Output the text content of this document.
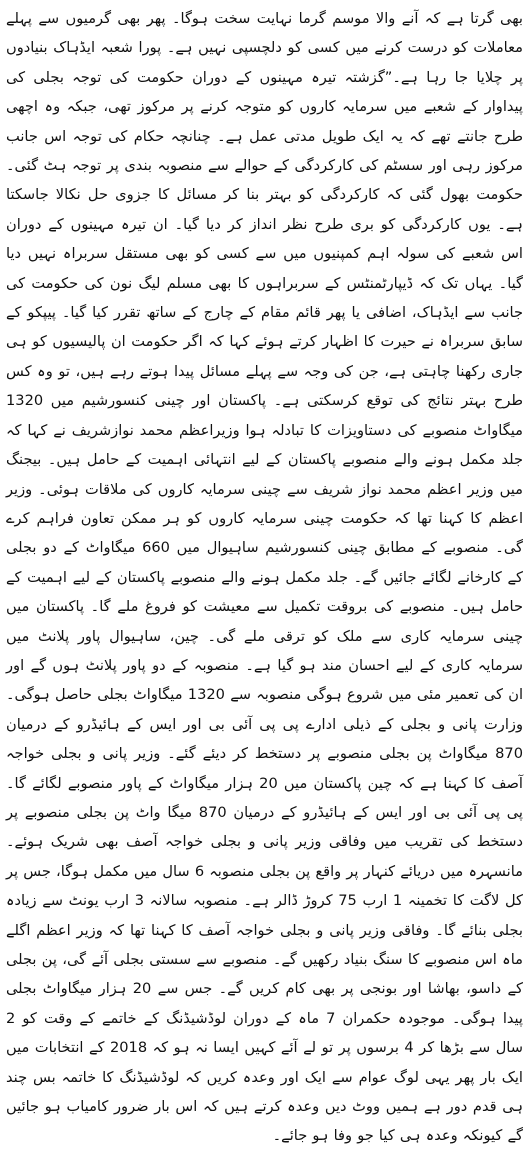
بھی گرتا ہے کہ آنے والا موسم گرما نہایت سخت ہوگا۔ پھر بھی گرمیوں سے پہلے معاملات کو درست کرنے میں کسی کو دلچسپی نہیں ہے۔ پورا شعبہ ایڈہاک بنیادوں پر چلایا جا رہا ہے۔”گزشتہ تیرہ مہینوں کے دوران حکومت کی توجہ بجلی کی پیداوار کے شعبے میں سرمایہ کاروں کو متوجہ کرنے پر مرکوز تھی، جبکہ وہ اچھی طرح جانتے تھے کہ یہ ایک طویل مدتی عمل ہے۔ چنانچہ حکام کی توجہ اس جانب مرکوز رہی اور سسٹم کی کارکردگی کے حوالے سے منصوبہ بندی پر توجہ ہٹ گئی۔حکومت بھول گئی کہ کارکردگی کو بہتر بنا کر مسائل کا جزوی حل نکالا جاسکتا ہے۔ یوں کارکردگی کو بری طرح نظر انداز کر دیا گیا۔ ان تیرہ مہینوں کے دوران اس شعبے کی سولہ اہم کمپنیوں میں سے کسی کو بھی مستقل سربراہ نہیں دیا گیا۔ یہاں تک کہ ڈیپارٹمنٹس کے سربراہوں کا بھی مسلم لیگ نون کی حکومت کی جانب سے ایڈہاک، اضافی یا پھر قائم مقام کے چارج کے ساتھ تقرر کیا گیا۔ پیپکو کے سابق سربراہ نے حیرت کا اظہار کرتے ہوئے کہا کہ اگر حکومت ان پالیسیوں کو ہی جاری رکھنا چاہتی ہے، جن کی وجہ سے پہلے مسائل پیدا ہوتے رہے ہیں، تو وہ کس طرح بہتر نتائج کی توقع کرسکتی ہے۔ پاکستان اور چینی کنسورشیم میں 1320 میگاواٹ منصوبے کی دستاویزات کا تبادلہ ہوا وزیراعظم محمد نوازشریف نے کہا کہ جلد مکمل ہونے والے منصوبے پاکستان کے لیے انتہائی اہمیت کے حامل ہیں۔ بیجنگ میں وزیر اعظم محمد نواز شریف سے چینی سرمایہ کاروں کی ملاقات ہوئی۔ وزیر اعظم کا کہنا تھا کہ حکومت چینی سرمایہ کاروں کو ہر ممکن تعاون فراہم کرے گی۔ منصوبے کے مطابق چینی کنسورشیم ساہیوال میں 660 میگاواٹ کے دو بجلی کے کارخانے لگائے جائیں گے۔ جلد مکمل ہونے والے منصوبے پاکستان کے لیے اہمیت کے حامل ہیں۔ منصوبے کی بروقت تکمیل سے معیشت کو فروغ ملے گا۔ پاکستان میں چینی سرمایہ کاری سے ملک کو ترقی ملے گی۔ چین، ساہیوال پاور پلانٹ میں سرمایہ کاری کے لیے احسان مند ہو گیا ہے۔ منصوبہ کے دو پاور پلانٹ ہوں گے اور ان کی تعمیر مئی میں شروع ہوگی منصوبہ سے 1320 میگاواٹ بجلی حاصل ہوگی۔ وزارت پانی و بجلی کے ذیلی ادارے پی پی آئی بی اور ایس کے ہائیڈرو کے درمیان 870 میگاواٹ پن بجلی منصوبے پر دستخط کر دیئے گئے۔ وزیر پانی و بجلی خواجہ آصف کا کہنا ہے کہ چین پاکستان میں 20 ہزار میگاواٹ کے پاور منصوبے لگائے گا۔ پی پی آئی بی اور ایس کے ہائیڈرو کے درمیان 870 میگا واٹ پن بجلی منصوبے پر دستخط کی تقریب میں وفاقی وزیر پانی و بجلی خواجہ آصف بھی شریک ہوئے۔ مانسہرہ میں دریائے کنہار پر واقع پن بجلی منصوبہ 6 سال میں مکمل ہوگا، جس پر کل لاگت کا تخمینہ 1 ارب 75 کروڑ ڈالر ہے۔ منصوبہ سالانہ 3 ارب یونٹ سے زیادہ بجلی بنائے گا۔ وفاقی وزیر پانی و بجلی خواجہ آصف کا کہنا تھا کہ وزیر اعظم اگلے ماہ اس منصوبے کا سنگ بنیاد رکھیں گے۔ منصوبے سے سستی بجلی آئے گی، پن بجلی کے داسو، بھاشا اور بونجی پر بھی کام کریں گے۔ جس سے 20 ہزار میگاواٹ بجلی پیدا ہوگی۔ موجودہ حکمران 7 ماہ کے دوران لوڈشیڈنگ کے خاتمے کے وقت کو 2 سال سے بڑھا کر 4 برسوں پر تو لے آئے کہیں ایسا نہ ہو کہ 2018 کے انتخابات میں ایک بار پھر یہی لوگ عوام سے ایک اور وعدہ کریں کہ لوڈشیڈنگ کا خاتمہ بس چند ہی قدم دور ہے ہمیں ووٹ دیں وعدہ کرتے ہیں کہ اس بار ضرور کامیاب ہو جائیں گے کیونکہ وعدہ ہی کیا جو وفا ہو جائے۔
